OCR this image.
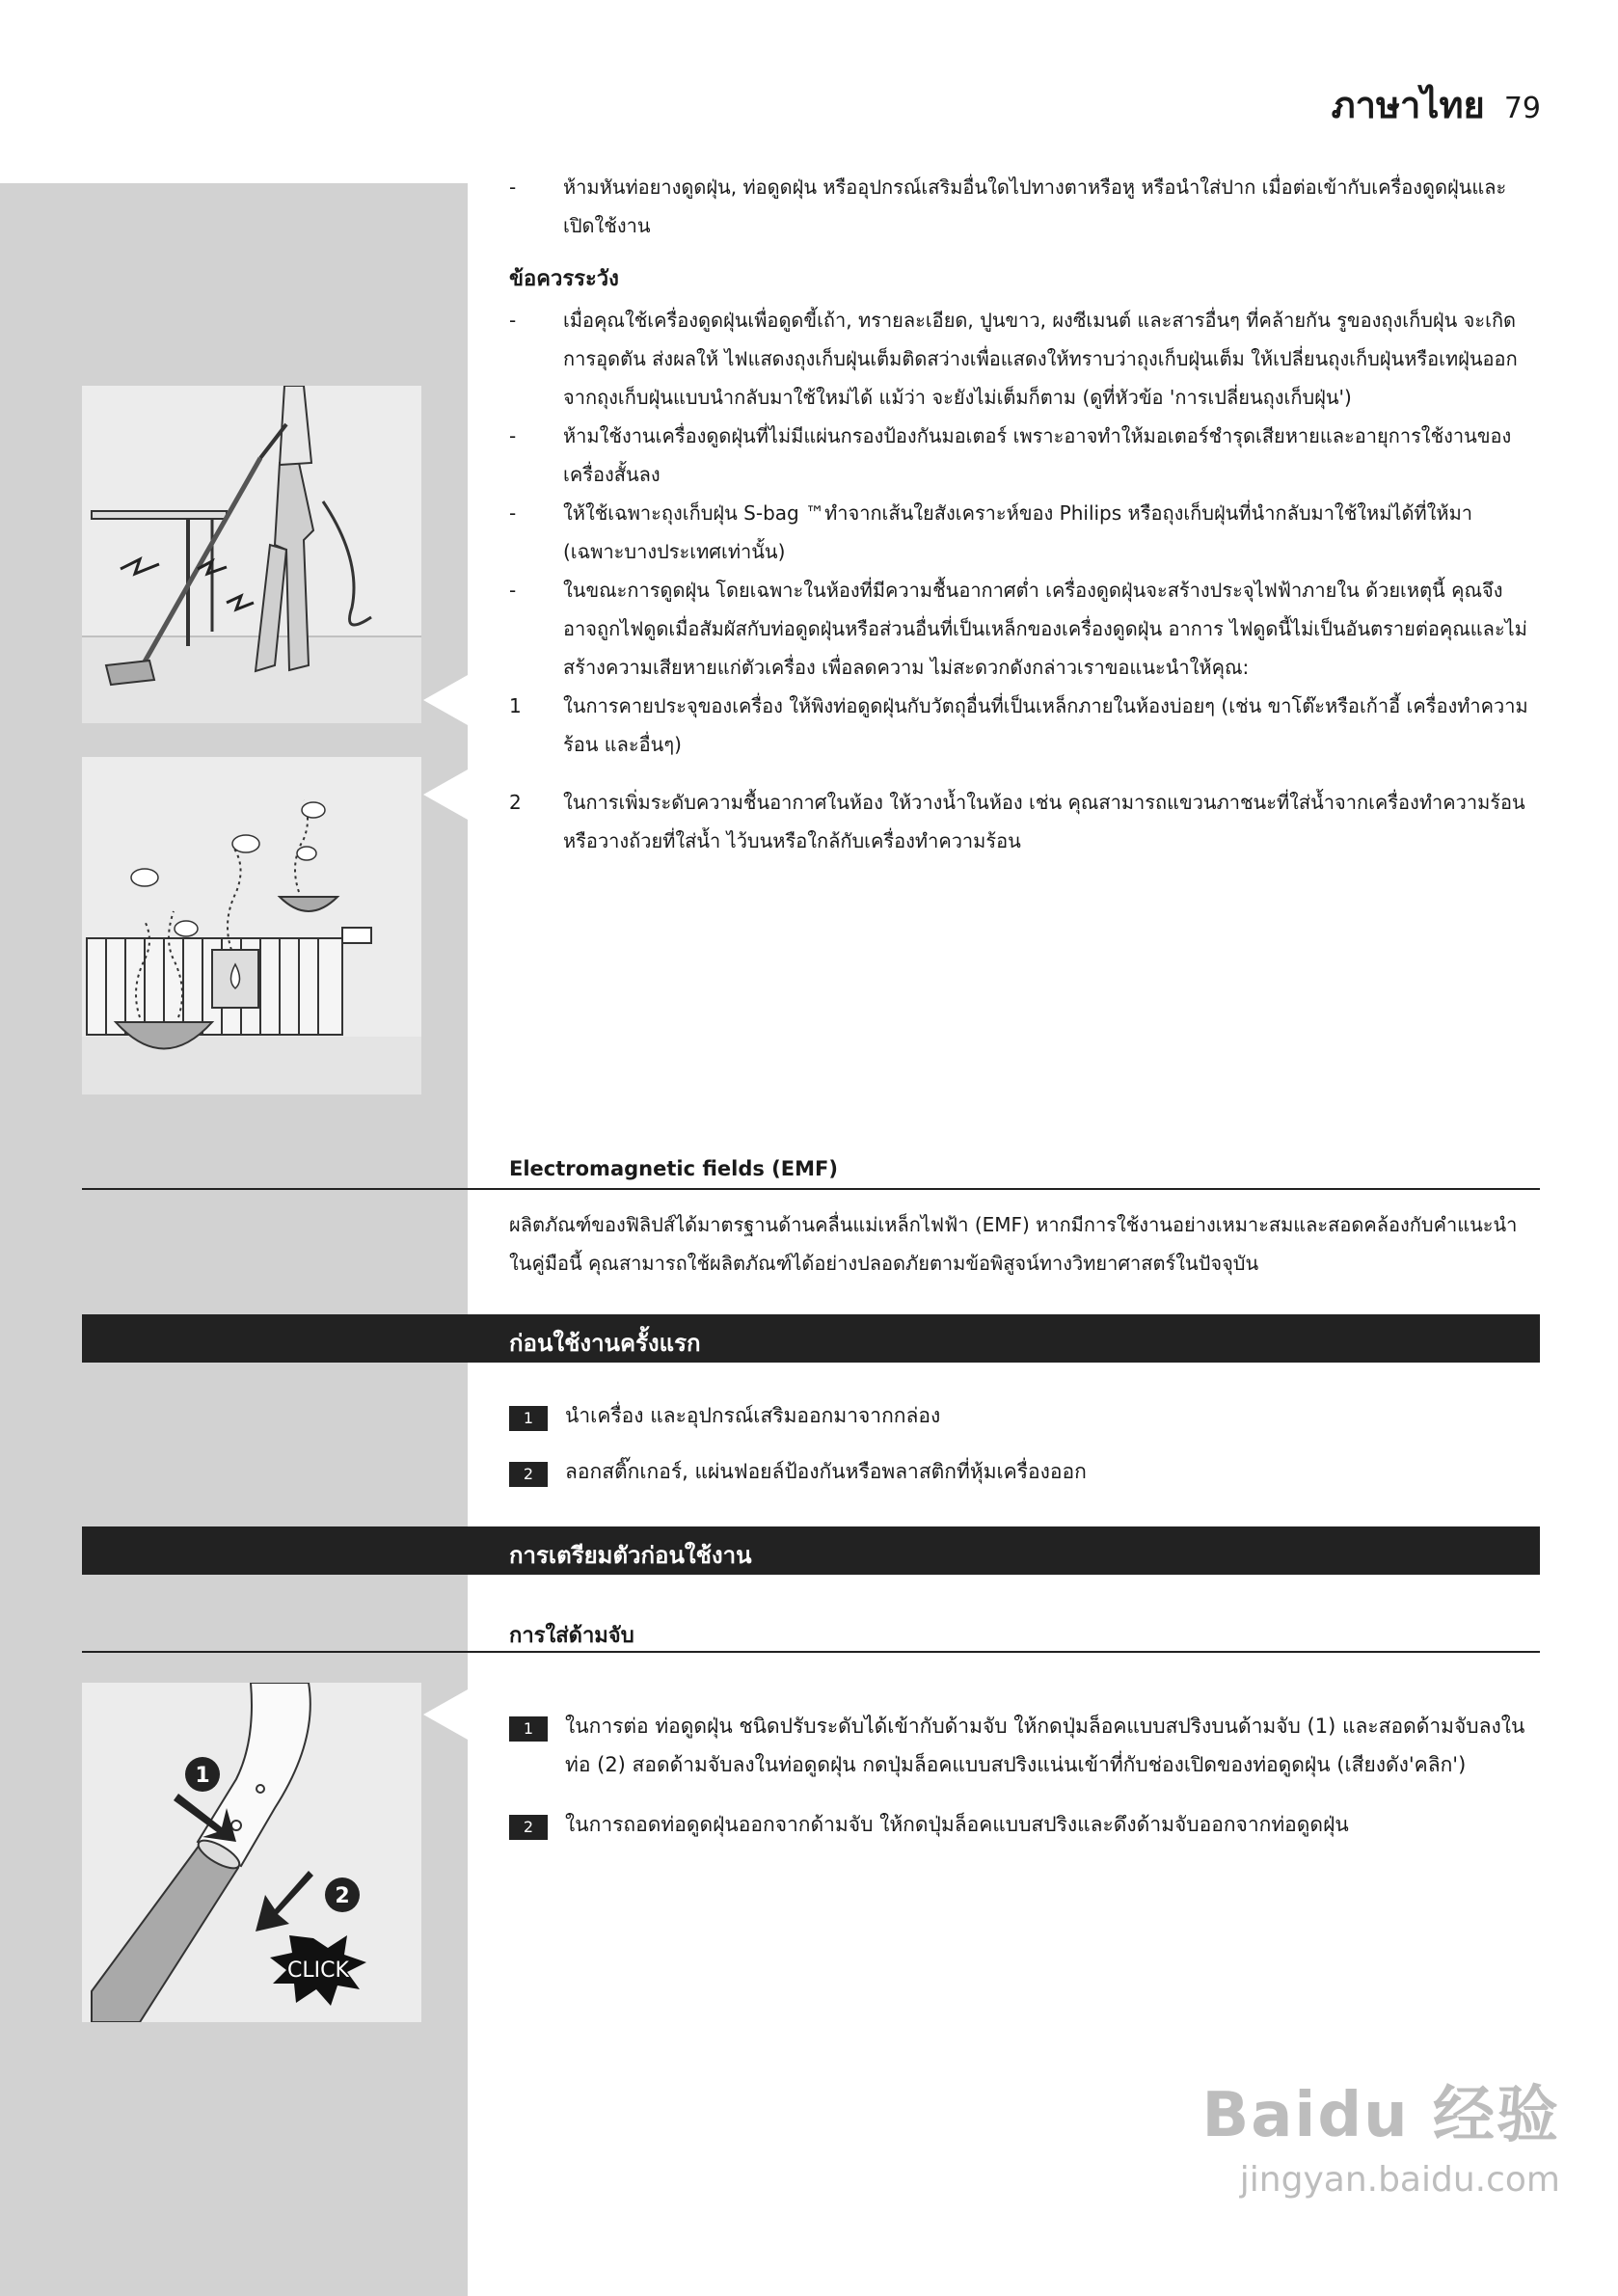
ภาษาไทย 79
-	ห้ามหันท่อยางดูดฝุ่น, ท่อดูดฝุ่น หรืออุปกรณ์เสริมอื่นใดไปทางตาหรือหู หรือนำใส่ปาก เมื่อต่อเข้ากับเครื่องดูดฝุ่นและเปิดใช้งาน
ข้อควรระวัง
-	เมื่อคุณใช้เครื่องดูดฝุ่นเพื่อดูดขี้เถ้า, ทรายละเอียด, ปูนขาว, ผงซีเมนต์ และสารอื่นๆ ที่คล้ายกัน รูของถุงเก็บฝุ่น จะเกิดการอุดตัน ส่งผลให้ ไฟแสดงถุงเก็บฝุ่นเต็มติดสว่างเพื่อแสดงให้ทราบว่าถุงเก็บฝุ่นเต็ม ให้เปลี่ยนถุงเก็บฝุ่นหรือเทฝุ่นออกจากถุงเก็บฝุ่นแบบนำกลับมาใช้ใหม่ได้ แม้ว่า จะยังไม่เต็มก็ตาม (ดูที่หัวข้อ 'การเปลี่ยนถุงเก็บฝุ่น')
-	ห้ามใช้งานเครื่องดูดฝุ่นที่ไม่มีแผ่นกรองป้องกันมอเตอร์ เพราะอาจทำให้มอเตอร์ชำรุดเสียหายและอายุการใช้งานของเครื่องสั้นลง
-	ให้ใช้เฉพาะถุงเก็บฝุ่น S-bag ™ทำจากเส้นใยสังเคราะห์ของ Philips หรือถุงเก็บฝุ่นที่นำกลับมาใช้ใหม่ได้ที่ให้มา (เฉพาะบางประเทศเท่านั้น)
-	ในขณะการดูดฝุ่น โดยเฉพาะในห้องที่มีความชื้นอากาศต่ำ เครื่องดูดฝุ่นจะสร้างประจุไฟฟ้าภายใน ด้วยเหตุนี้ คุณจึงอาจถูกไฟดูดเมื่อสัมผัสกับท่อดูดฝุ่นหรือส่วนอื่นที่เป็นเหล็กของเครื่องดูดฝุ่น อาการ ไฟดูดนี้ไม่เป็นอันตรายต่อคุณและไม่สร้างความเสียหายแก่ตัวเครื่อง เพื่อลดความ ไม่สะดวกดังกล่าวเราขอแนะนำให้คุณ:
1	ในการคายประจุของเครื่อง ให้พิงท่อดูดฝุ่นกับวัตถุอื่นที่เป็นเหล็กภายในห้องบ่อยๆ (เช่น ขาโต๊ะหรือเก้าอี้ เครื่องทำความร้อน และอื่นๆ)
2	ในการเพิ่มระดับความชื้นอากาศในห้อง ให้วางน้ำในห้อง เช่น คุณสามารถแขวนภาชนะที่ใส่น้ำจากเครื่องทำความร้อนหรือวางถ้วยที่ใส่น้ำ ไว้บนหรือใกล้กับเครื่องทำความร้อน
Electromagnetic fields (EMF)
ผลิตภัณฑ์ของฟิลิปส์ได้มาตรฐานด้านคลื่นแม่เหล็กไฟฟ้า (EMF) หากมีการใช้งานอย่างเหมาะสมและสอดคล้องกับคำแนะนำในคู่มือนี้ คุณสามารถใช้ผลิตภัณฑ์ได้อย่างปลอดภัยตามข้อพิสูจน์ทางวิทยาศาสตร์ในปัจจุบัน
ก่อนใช้งานครั้งแรก
1	นำเครื่อง และอุปกรณ์เสริมออกมาจากกล่อง
2	ลอกสติ๊กเกอร์, แผ่นฟอยล์ป้องกันหรือพลาสติกที่หุ้มเครื่องออก
การเตรียมตัวก่อนใช้งาน
การใส่ด้ามจับ
1
2
CLICK
1	ในการต่อ ท่อดูดฝุ่น ชนิดปรับระดับได้เข้ากับด้ามจับ ให้กดปุ่มล็อคแบบสปริงบนด้ามจับ (1) และสอดด้ามจับลงในท่อ (2) สอดด้ามจับลงในท่อดูดฝุ่น กดปุ่มล็อคแบบสปริงแน่นเข้าที่กับช่องเปิดของท่อดูดฝุ่น (เสียงดัง'คลิก')
2	ในการถอดท่อดูดฝุ่นออกจากด้ามจับ ให้กดปุ่มล็อคแบบสปริงและดึงด้ามจับออกจากท่อดูดฝุ่น
Baidu 经验
jingyan.baidu.com
